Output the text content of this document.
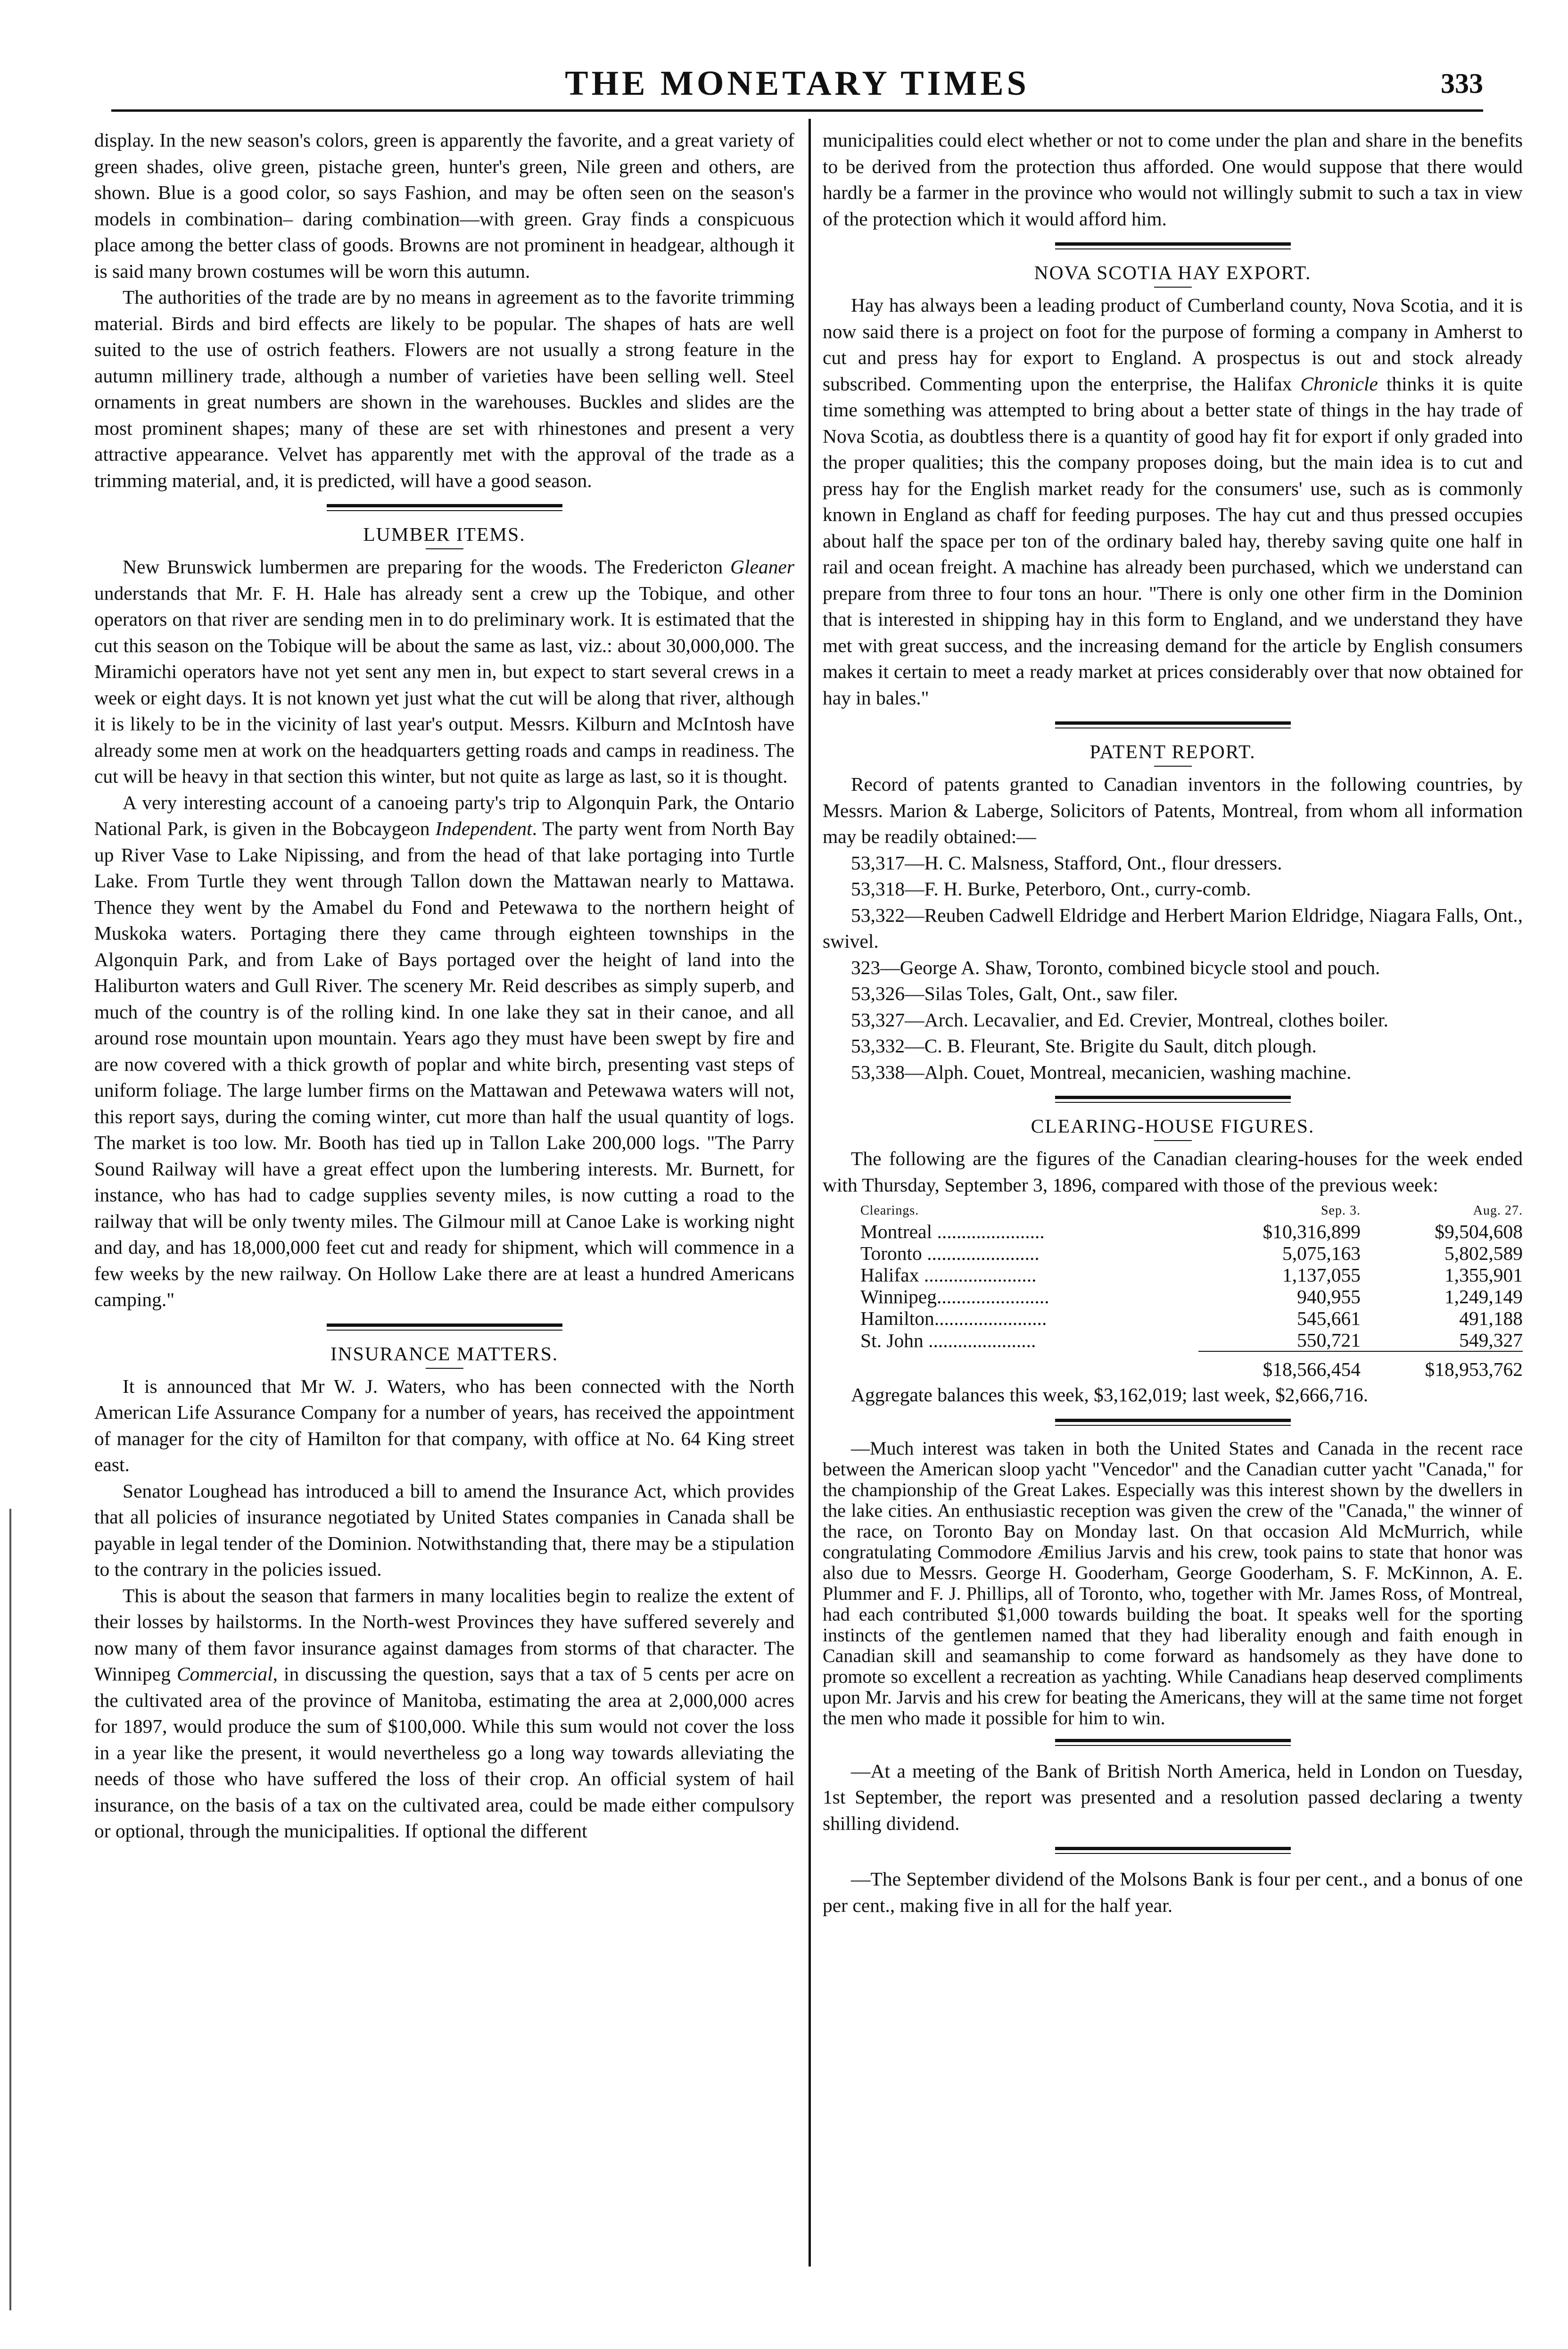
THE MONETARY TIMES	333

display. In the new season's colors, green is apparently the favorite, and a great variety of green shades, olive green, pistache green, hunter's green, Nile green and others, are shown. Blue is a good color, so says Fashion, and may be often seen on the season's models in combination– daring combination—with green. Gray finds a conspicuous place among the better class of goods. Browns are not prominent in headgear, although it is said many brown costumes will be worn this autumn.

The authorities of the trade are by no means in agreement as to the favorite trimming material. Birds and bird effects are likely to be popular. The shapes of hats are well suited to the use of ostrich feathers. Flowers are not usually a strong feature in the autumn millinery trade, although a number of varieties have been selling well. Steel ornaments in great numbers are shown in the warehouses. Buckles and slides are the most prominent shapes; many of these are set with rhinestones and present a very attractive appearance. Velvet has apparently met with the approval of the trade as a trimming material, and, it is predicted, will have a good season.

LUMBER ITEMS.

New Brunswick lumbermen are preparing for the woods. The Fredericton Gleaner understands that Mr. F. H. Hale has already sent a crew up the Tobique, and other operators on that river are sending men in to do preliminary work. It is estimated that the cut this season on the Tobique will be about the same as last, viz.: about 30,000,000. The Miramichi operators have not yet sent any men in, but expect to start several crews in a week or eight days. It is not known yet just what the cut will be along that river, although it is likely to be in the vicinity of last year's output. Messrs. Kilburn and McIntosh have already some men at work on the headquarters getting roads and camps in readiness. The cut will be heavy in that section this winter, but not quite as large as last, so it is thought.

A very interesting account of a canoeing party's trip to Algonquin Park, the Ontario National Park, is given in the Bobcaygeon Independent. The party went from North Bay up River Vase to Lake Nipissing, and from the head of that lake portaging into Turtle Lake. From Turtle they went through Tallon down the Mattawan nearly to Mattawa. Thence they went by the Amabel du Fond and Petewawa to the northern height of Muskoka waters. Portaging there they came through eighteen townships in the Algonquin Park, and from Lake of Bays portaged over the height of land into the Haliburton waters and Gull River. The scenery Mr. Reid describes as simply superb, and much of the country is of the rolling kind. In one lake they sat in their canoe, and all around rose mountain upon mountain. Years ago they must have been swept by fire and are now covered with a thick growth of poplar and white birch, presenting vast steps of uniform foliage. The large lumber firms on the Mattawan and Petewawa waters will not, this report says, during the coming winter, cut more than half the usual quantity of logs. The market is too low. Mr. Booth has tied up in Tallon Lake 200,000 logs. "The Parry Sound Railway will have a great effect upon the lumbering interests. Mr. Burnett, for instance, who has had to cadge supplies seventy miles, is now cutting a road to the railway that will be only twenty miles. The Gilmour mill at Canoe Lake is working night and day, and has 18,000,000 feet cut and ready for shipment, which will commence in a few weeks by the new railway. On Hollow Lake there are at least a hundred Americans camping."

INSURANCE MATTERS.

It is announced that Mr W. J. Waters, who has been connected with the North American Life Assurance Company for a number of years, has received the appointment of manager for the city of Hamilton for that company, with office at No. 64 King street east.

Senator Loughead has introduced a bill to amend the Insurance Act, which provides that all policies of insurance negotiated by United States companies in Canada shall be payable in legal tender of the Dominion. Notwithstanding that, there may be a stipulation to the contrary in the policies issued.

This is about the season that farmers in many localities begin to realize the extent of their losses by hailstorms. In the North-west Provinces they have suffered severely and now many of them favor insurance against damages from storms of that character. The Winnipeg Commercial, in discussing the question, says that a tax of 5 cents per acre on the cultivated area of the province of Manitoba, estimating the area at 2,000,000 acres for 1897, would produce the sum of $100,000. While this sum would not cover the loss in a year like the present, it would nevertheless go a long way towards alleviating the needs of those who have suffered the loss of their crop. An official system of hail insurance, on the basis of a tax on the cultivated area, could be made either compulsory or optional, through the municipalities. If optional the different

municipalities could elect whether or not to come under the plan and share in the benefits to be derived from the protection thus afforded. One would suppose that there would hardly be a farmer in the province who would not willingly submit to such a tax in view of the protection which it would afford him.

NOVA SCOTIA HAY EXPORT.

Hay has always been a leading product of Cumberland county, Nova Scotia, and it is now said there is a project on foot for the purpose of forming a company in Amherst to cut and press hay for export to England. A prospectus is out and stock already subscribed. Commenting upon the enterprise, the Halifax Chronicle thinks it is quite time something was attempted to bring about a better state of things in the hay trade of Nova Scotia, as doubtless there is a quantity of good hay fit for export if only graded into the proper qualities; this the company proposes doing, but the main idea is to cut and press hay for the English market ready for the consumers' use, such as is commonly known in England as chaff for feeding purposes. The hay cut and thus pressed occupies about half the space per ton of the ordinary baled hay, thereby saving quite one half in rail and ocean freight. A machine has already been purchased, which we understand can prepare from three to four tons an hour. "There is only one other firm in the Dominion that is interested in shipping hay in this form to England, and we understand they have met with great success, and the increasing demand for the article by English consumers makes it certain to meet a ready market at prices considerably over that now obtained for hay in bales."

PATENT REPORT.

Record of patents granted to Canadian inventors in the following countries, by Messrs. Marion & Laberge, Solicitors of Patents, Montreal, from whom all information may be readily obtained:—

53,317—H. C. Malsness, Stafford, Ont., flour dressers.

53,318—F. H. Burke, Peterboro, Ont., curry-comb.

53,322—Reuben Cadwell Eldridge and Herbert Marion Eldridge, Niagara Falls, Ont., swivel.

323—George A. Shaw, Toronto, combined bicycle stool and pouch.

53,326—Silas Toles, Galt, Ont., saw filer.

53,327—Arch. Lecavalier, and Ed. Crevier, Montreal, clothes boiler.

53,332—C. B. Fleurant, Ste. Brigite du Sault, ditch plough.

53,338—Alph. Couet, Montreal, mecanicien, washing machine.

CLEARING-HOUSE FIGURES.

The following are the figures of the Canadian clearing-houses for the week ended with Thursday, September 3, 1896, compared with those of the previous week:

Clearings.	Sep. 3.	Aug. 27.
Montreal ......................	$10,316,899	$9,504,608
Toronto .......................	5,075,163	5,802,589
Halifax .......................	1,137,055	1,355,901
Winnipeg.......................	940,955	1,249,149
Hamilton.......................	545,661	491,188
St. John ......................	550,721	549,327
	$18,566,454	$18,953,762

Aggregate balances this week, $3,162,019; last week, $2,666,716.

—Much interest was taken in both the United States and Canada in the recent race between the American sloop yacht "Vencedor" and the Canadian cutter yacht "Canada," for the championship of the Great Lakes. Especially was this interest shown by the dwellers in the lake cities. An enthusiastic reception was given the crew of the "Canada," the winner of the race, on Toronto Bay on Monday last. On that occasion Ald McMurrich, while congratulating Commodore Æmilius Jarvis and his crew, took pains to state that honor was also due to Messrs. George H. Gooderham, George Gooderham, S. F. McKinnon, A. E. Plummer and F. J. Phillips, all of Toronto, who, together with Mr. James Ross, of Montreal, had each contributed $1,000 towards building the boat. It speaks well for the sporting instincts of the gentlemen named that they had liberality enough and faith enough in Canadian skill and seamanship to come forward as handsomely as they have done to promote so excellent a recreation as yachting. While Canadians heap deserved compliments upon Mr. Jarvis and his crew for beating the Americans, they will at the same time not forget the men who made it possible for him to win.

—At a meeting of the Bank of British North America, held in London on Tuesday, 1st September, the report was presented and a resolution passed declaring a twenty shilling dividend.

—The September dividend of the Molsons Bank is four per cent., and a bonus of one per cent., making five in all for the half year.
